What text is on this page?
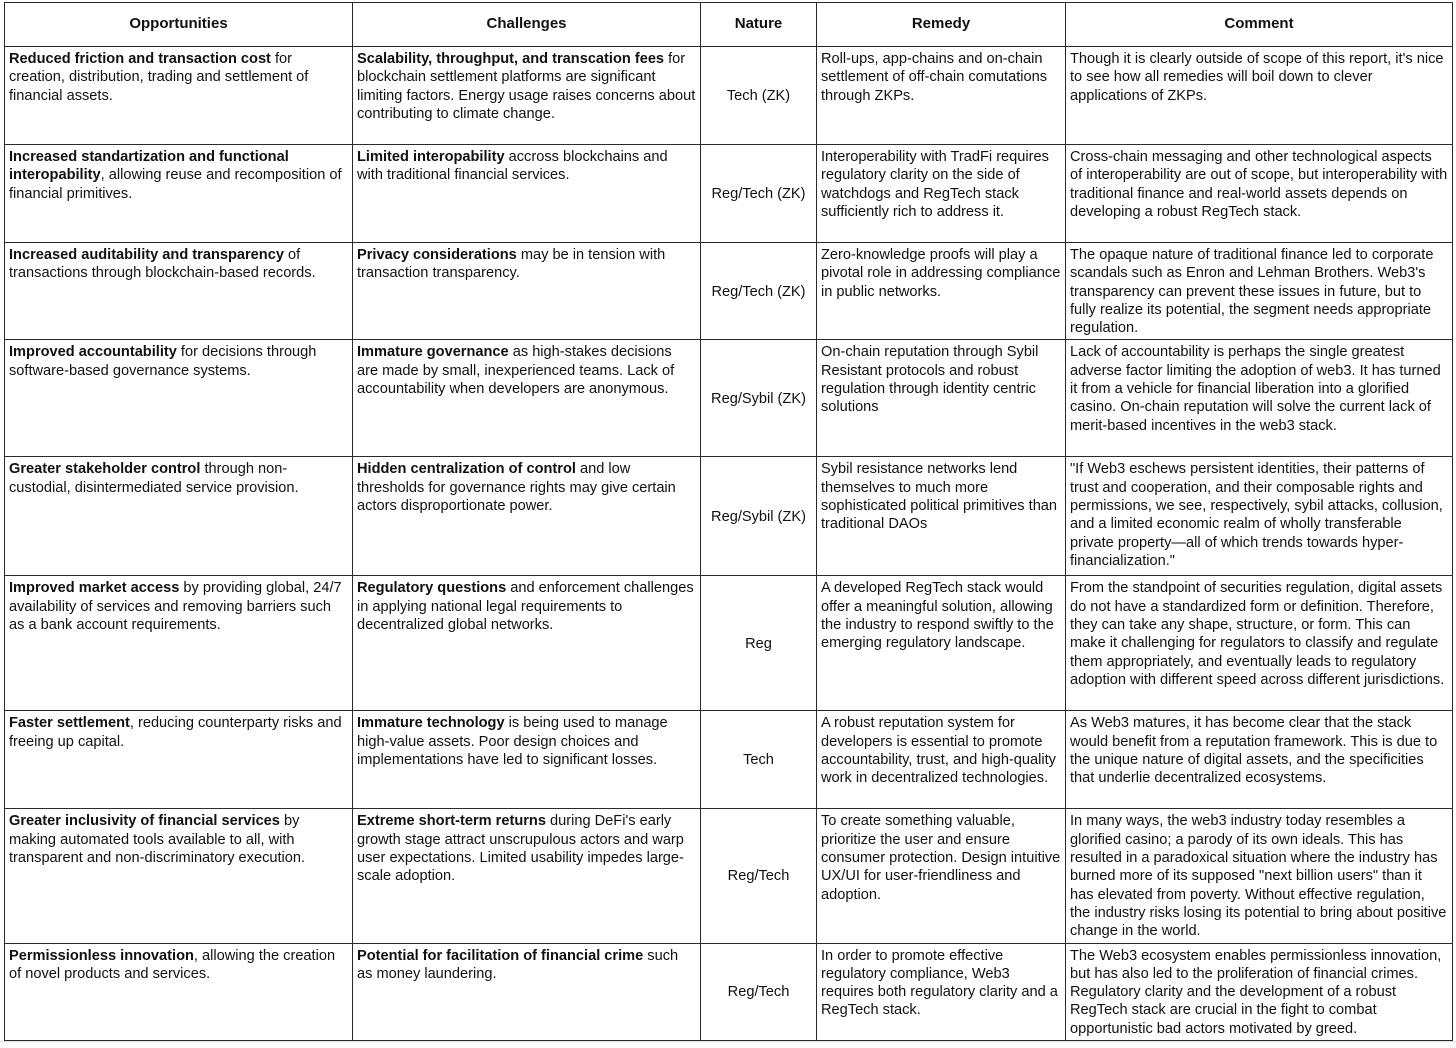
Opportunities	Challenges	Nature	Remedy	Comment
Reduced friction and transaction cost for creation, distribution, trading and settlement of financial assets.	Scalability, throughput, and transcation fees for blockchain settlement platforms are significant limiting factors. Energy usage raises concerns about contributing to climate change.	Tech (ZK)	Roll-ups, app-chains and on-chain settlement of off-chain comutations through ZKPs.	Though it is clearly outside of scope of this report, it's nice to see how all remedies will boil down to clever applications of ZKPs.
Increased standartization and functional interopability, allowing reuse and recomposition of financial primitives.	Limited interopability accross blockchains and with traditional financial services.	Reg/Tech (ZK)	Interoperability with TradFi requires regulatory clarity on the side of watchdogs and RegTech stack sufficiently rich to address it.	Cross-chain messaging and other technological aspects of interoperability are out of scope, but interoperability with traditional finance and real-world assets depends on developing a robust RegTech stack.
Increased auditability and transparency of transactions through blockchain-based records.	Privacy considerations may be in tension with transaction transparency.	Reg/Tech (ZK)	Zero-knowledge proofs will play a pivotal role in addressing compliance in public networks.	The opaque nature of traditional finance led to corporate scandals such as Enron and Lehman Brothers. Web3's transparency can prevent these issues in future, but to fully realize its potential, the segment needs appropriate regulation.
Improved accountability for decisions through software-based governance systems.	Immature governance as high-stakes decisions are made by small, inexperienced teams. Lack of accountability when developers are anonymous.	Reg/Sybil (ZK)	On-chain reputation through Sybil Resistant protocols and robust regulation through identity centric solutions	Lack of accountability is perhaps the single greatest adverse factor limiting the adoption of web3. It has turned it from a vehicle for financial liberation into a glorified casino. On-chain reputation will solve the current lack of merit-based incentives in the web3 stack.
Greater stakeholder control through non-custodial, disintermediated service provision.	Hidden centralization of control and low thresholds for governance rights may give certain actors disproportionate power.	Reg/Sybil (ZK)	Sybil resistance networks lend themselves to much more sophisticated political primitives than traditional DAOs	"If Web3 eschews persistent identities, their patterns of trust and cooperation, and their composable rights and permissions, we see, respectively, sybil attacks, collusion, and a limited economic realm of wholly transferable private property—all of which trends towards hyper-financialization."
Improved market access by providing global, 24/7 availability of services and removing barriers such as a bank account requirements.	Regulatory questions and enforcement challenges in applying national legal requirements to decentralized global networks.	Reg	A developed RegTech stack would offer a meaningful solution, allowing the industry to respond swiftly to the emerging regulatory landscape.	From the standpoint of securities regulation, digital assets do not have a standardized form or definition. Therefore, they can take any shape, structure, or form. This can make it challenging for regulators to classify and regulate them appropriately, and eventually leads to regulatory adoption with different speed across different jurisdictions.
Faster settlement, reducing counterparty risks and freeing up capital.	Immature technology is being used to manage high-value assets. Poor design choices and implementations have led to significant losses.	Tech	A robust reputation system for developers is essential to promote accountability, trust, and high-quality work in decentralized technologies.	As Web3 matures, it has become clear that the stack would benefit from a reputation framework. This is due to the unique nature of digital assets, and the specificities that underlie decentralized ecosystems.
Greater inclusivity of financial services by making automated tools available to all, with transparent and non-discriminatory execution.	Extreme short-term returns during DeFi's early growth stage attract unscrupulous actors and warp user expectations. Limited usability impedes large-scale adoption.	Reg/Tech	To create something valuable, prioritize the user and ensure consumer protection. Design intuitive UX/UI for user-friendliness and adoption.	In many ways, the web3 industry today resembles a glorified casino; a parody of its own ideals. This has resulted in a paradoxical situation where the industry has burned more of its supposed "next billion users" than it has elevated from poverty. Without effective regulation, the industry risks losing its potential to bring about positive change in the world.
Permissionless innovation, allowing the creation of novel products and services.	Potential for facilitation of financial crime such as money laundering.	Reg/Tech	In order to promote effective regulatory compliance, Web3 requires both regulatory clarity and a RegTech stack.	The Web3 ecosystem enables permissionless innovation, but has also led to the proliferation of financial crimes. Regulatory clarity and the development of a robust RegTech stack are crucial in the fight to combat opportunistic bad actors motivated by greed.
